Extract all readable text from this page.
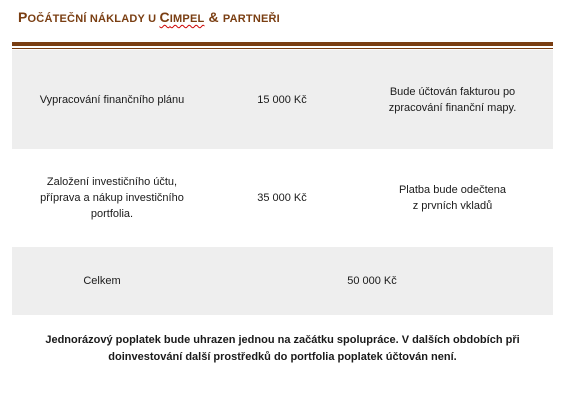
POČÁTEČNÍ NÁKLADY U CIMPEL & PARTNEŘI
Vypracování finančního plánu	15 000 Kč
Bude účtován fakturou po
zpracování finanční mapy.
Založení investičního účtu,
příprava a nákup investičního
portfolia.
35 000 Kč
Platba bude odečtena
z prvních vkladů
Celkem	50 000 Kč
Jednorázový poplatek bude uhrazen jednou na začátku spolupráce. V dalších obdobích při
doinvestování další prostředků do portfolia poplatek účtován není.
